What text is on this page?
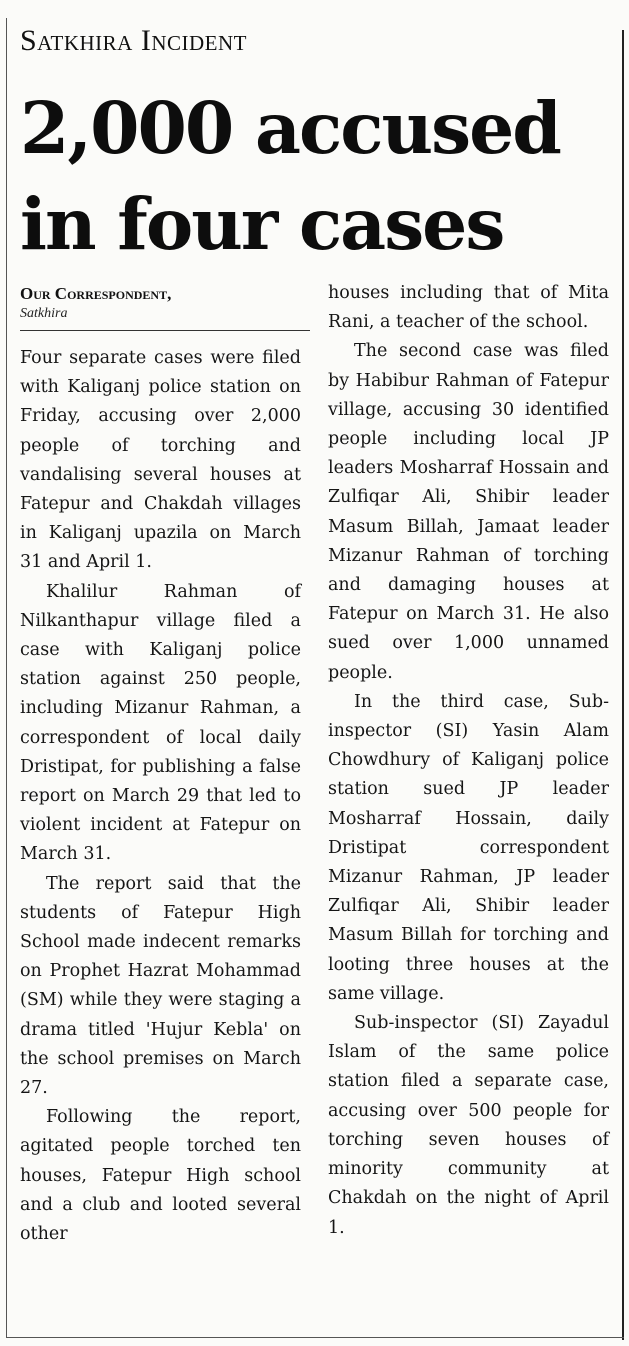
Satkhira Incident
2,000 accused
in four cases
Our Correspondent,
Satkhira

Four separate cases were filed with Kaliganj police station on Friday, accusing over 2,000 people of torching and vandalising several houses at Fatepur and Chakdah villages in Kaliganj upazila on March 31 and April 1.

Khalilur Rahman of Nilkanthapur village filed a case with Kaliganj police station against 250 people, including Mizanur Rahman, a correspondent of local daily Dristipat, for publishing a false report on March 29 that led to violent incident at Fatepur on March 31.

The report said that the students of Fatepur High School made indecent remarks on Prophet Hazrat Mohammad (SM) while they were staging a drama titled 'Hujur Kebla' on the school premises on March 27.

Following the report, agitated people torched ten houses, Fatepur High school and a club and looted several other

houses including that of Mita Rani, a teacher of the school.

The second case was filed by Habibur Rahman of Fatepur village, accusing 30 identified people including local JP leaders Mosharraf Hossain and Zulfiqar Ali, Shibir leader Masum Billah, Jamaat leader Mizanur Rahman of torching and damaging houses at Fatepur on March 31. He also sued over 1,000 unnamed people.

In the third case, Sub-inspector (SI) Yasin Alam Chowdhury of Kaliganj police station sued JP leader Mosharraf Hossain, daily Dristipat correspondent Mizanur Rahman, JP leader Zulfiqar Ali, Shibir leader Masum Billah for torching and looting three houses at the same village.

Sub-inspector (SI) Zayadul Islam of the same police station filed a separate case, accusing over 500 people for torching seven houses of minority community at Chakdah on the night of April 1.
